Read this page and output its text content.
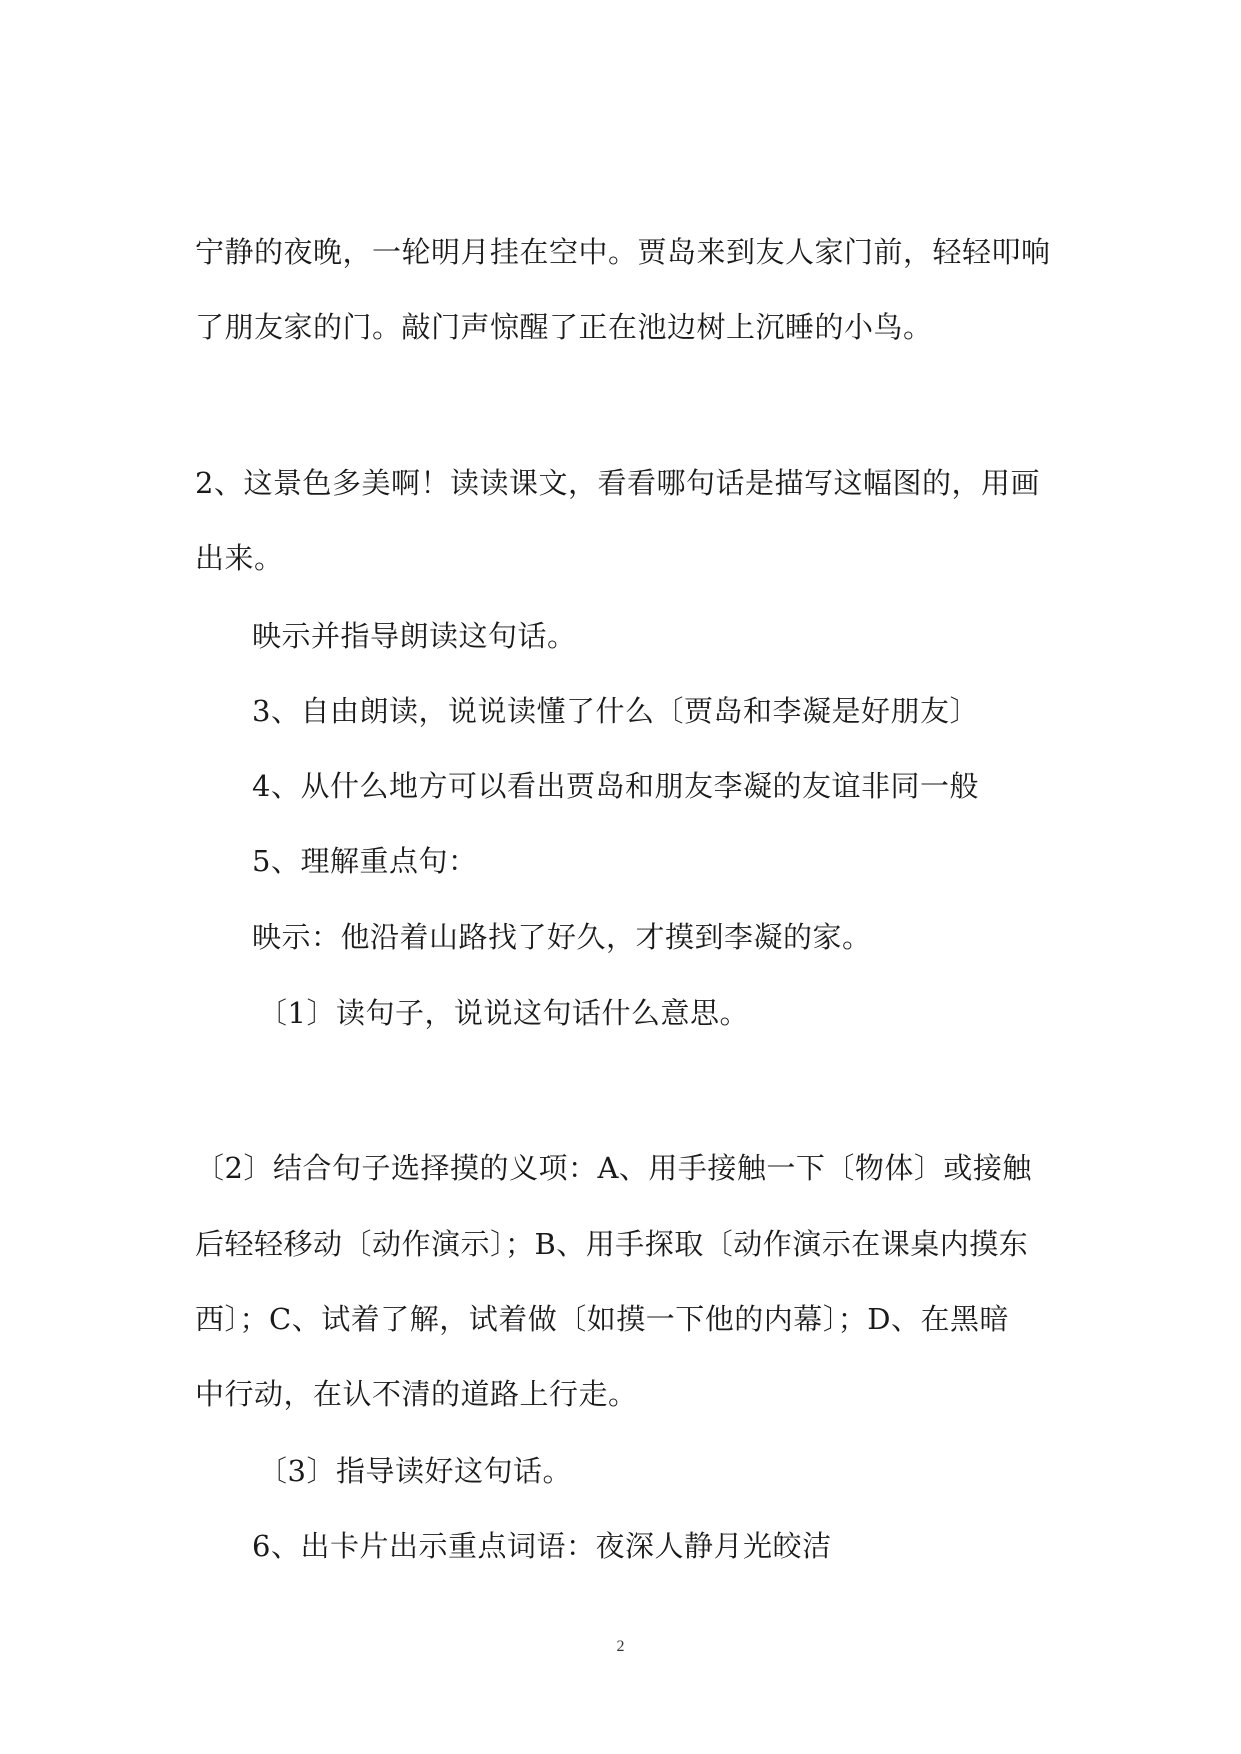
宁静的夜晚，一轮明月挂在空中。贾岛来到友人家门前，轻轻叩响
了朋友家的门。敲门声惊醒了正在池边树上沉睡的小鸟。
2、这景色多美啊！读读课文，看看哪句话是描写这幅图的，用画
出来。
映示并指导朗读这句话。
3、自由朗读，说说读懂了什么〔贾岛和李凝是好朋友〕
4、从什么地方可以看出贾岛和朋友李凝的友谊非同一般
5、理解重点句：
映示：他沿着山路找了好久，才摸到李凝的家。
〔1〕读句子，说说这句话什么意思。
〔2〕结合句子选择摸的义项：A、用手接触一下〔物体〕或接触
后轻轻移动〔动作演示〕；B、用手探取〔动作演示在课桌内摸东
西〕；C、试着了解，试着做〔如摸一下他的内幕〕；D、在黑暗
中行动，在认不清的道路上行走。
〔3〕指导读好这句话。
6、出卡片出示重点词语：夜深人静月光皎洁
2
